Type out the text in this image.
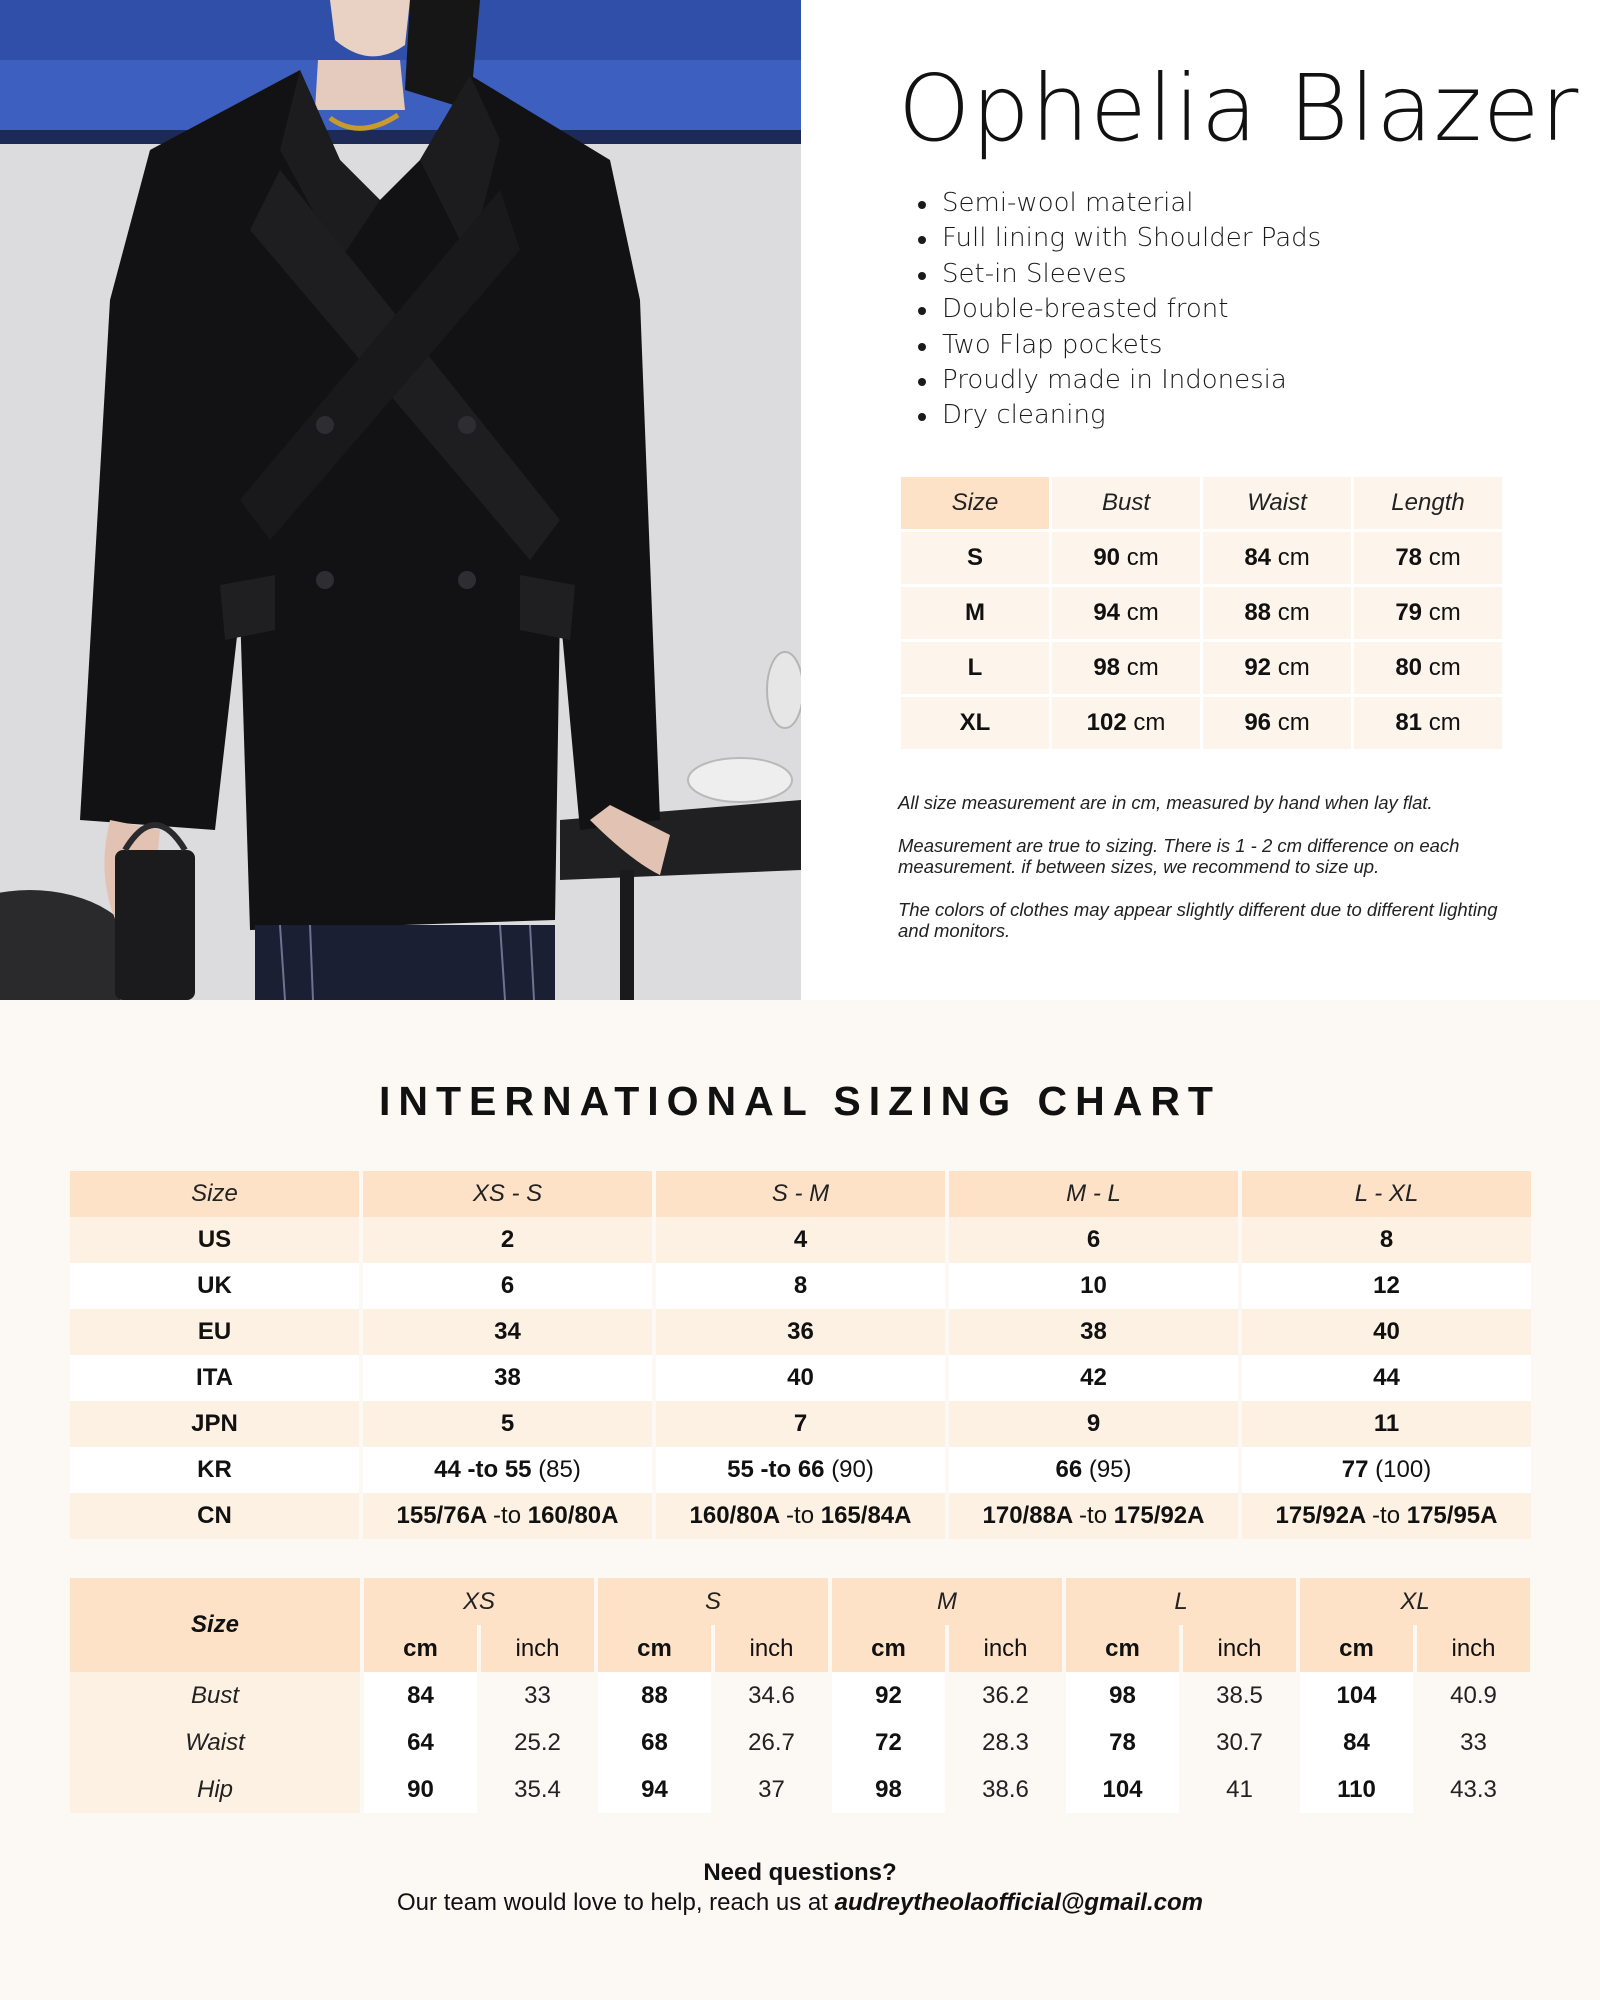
Ophelia Blazer
Semi-wool material
Full lining with Shoulder Pads
Set-in Sleeves
Double-breasted front
Two Flap pockets
Proudly made in Indonesia
Dry cleaning
Size	Bust	Waist	Length
S	90 cm	84 cm	78 cm
M	94 cm	88 cm	79 cm
L	98 cm	92 cm	80 cm
XL	102 cm	96 cm	81 cm

All size measurement are in cm, measured by hand when lay flat.

Measurement are true to sizing. There is 1 - 2 cm difference on each measurement. if between sizes, we recommend to size up.

The colors of clothes may appear slightly different due to different lighting and monitors.

INTERNATIONAL SIZING CHART
Size	XS - S	S - M	M - L	L - XL
US	2	4	6	8
UK	6	8	10	12
EU	34	36	38	40
ITA	38	40	42	44
JPN	5	7	9	11
KR	44 -to 55 (85)	55 -to 66 (90)	66 (95)	77 (100)
CN	155/76A -to 160/80A	160/80A -to 165/84A	170/88A -to 175/92A	175/92A -to 175/95A
Size	XS		S		M		L		XL	
	cm	inch	cm	inch	cm	inch	cm	inch	cm	inch
Bust	84	33	88	34.6	92	36.2	98	38.5	104	40.9
Waist	64	25.2	68	26.7	72	28.3	78	30.7	84	33
Hip	90	35.4	94	37	98	38.6	104	41	110	43.3
Need questions?
Our team would love to help, reach us at audreytheolaofficial@gmail.com
